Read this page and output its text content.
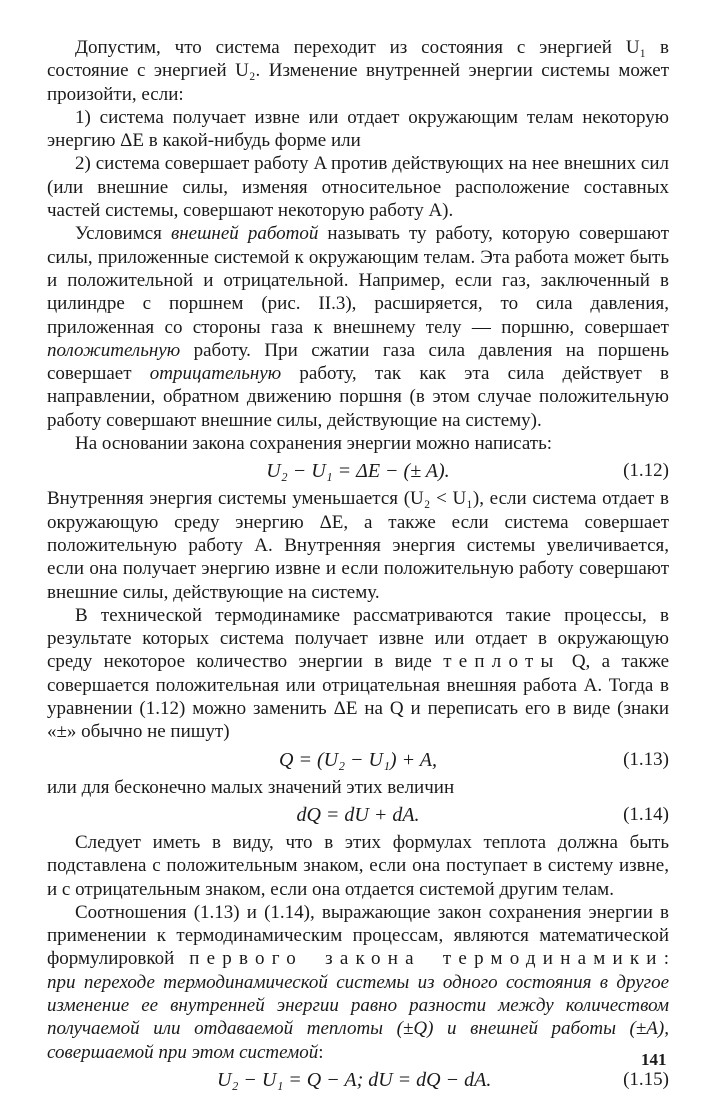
Допустим, что система переходит из состояния с энергией U₁ в состояние с энергией U₂. Изменение внутренней энергии системы может произойти, если:

1) система получает извне или отдает окружающим телам некоторую энергию ΔE в какой-нибудь форме или

2) система совершает работу A против действующих на нее внешних сил (или внешние силы, изменяя относительное расположение составных частей системы, совершают некоторую работу A).

Условимся внешней работой называть ту работу, которую совершают силы, приложенные системой к окружающим телам. Эта работа может быть и положительной и отрицательной. Например, если газ, заключенный в цилиндре с поршнем (рис. II.3), расширяется, то сила давления, приложенная со стороны газа к внешнему телу — поршню, совершает положительную работу. При сжатии газа сила давления на поршень совершает отрицательную работу, так как эта сила действует в направлении, обратном движению поршня (в этом случае положительную работу совершают внешние силы, действующие на систему).

На основании закона сохранения энергии можно написать:

U₂ − U₁ = ΔE − (± A).	(1.12)

Внутренняя энергия системы уменьшается (U₂ < U₁), если система отдает в окружающую среду энергию ΔE, а также если система совершает положительную работу A. Внутренняя энергия системы увеличивается, если она получает энергию извне и если положительную работу совершают внешние силы, действующие на систему.

В технической термодинамике рассматриваются такие процессы, в результате которых система получает извне или отдает в окружающую среду некоторое количество энергии в виде теплоты Q, а также совершается положительная или отрицательная внешняя работа A. Тогда в уравнении (1.12) можно заменить ΔE на Q и переписать его в виде (знаки «±» обычно не пишут)

Q = (U₂ − U₁) + A,	(1.13)

или для бесконечно малых значений этих величин

dQ = dU + dA.	(1.14)

Следует иметь в виду, что в этих формулах теплота должна быть подставлена с положительным знаком, если она поступает в систему извне, и с отрицательным знаком, если она отдается системой другим телам.

Соотношения (1.13) и (1.14), выражающие закон сохранения энергии в применении к термодинамическим процессам, являются математической формулировкой первого закона термодинамики: при переходе термодинамической системы из одного состояния в другое изменение ее внутренней энергии равно разности между количеством получаемой или отдаваемой теплоты (±Q) и внешней работы (±A), совершаемой при этом системой:

U₂ − U₁ = Q − A; dU = dQ − dA.	(1.15)
141
